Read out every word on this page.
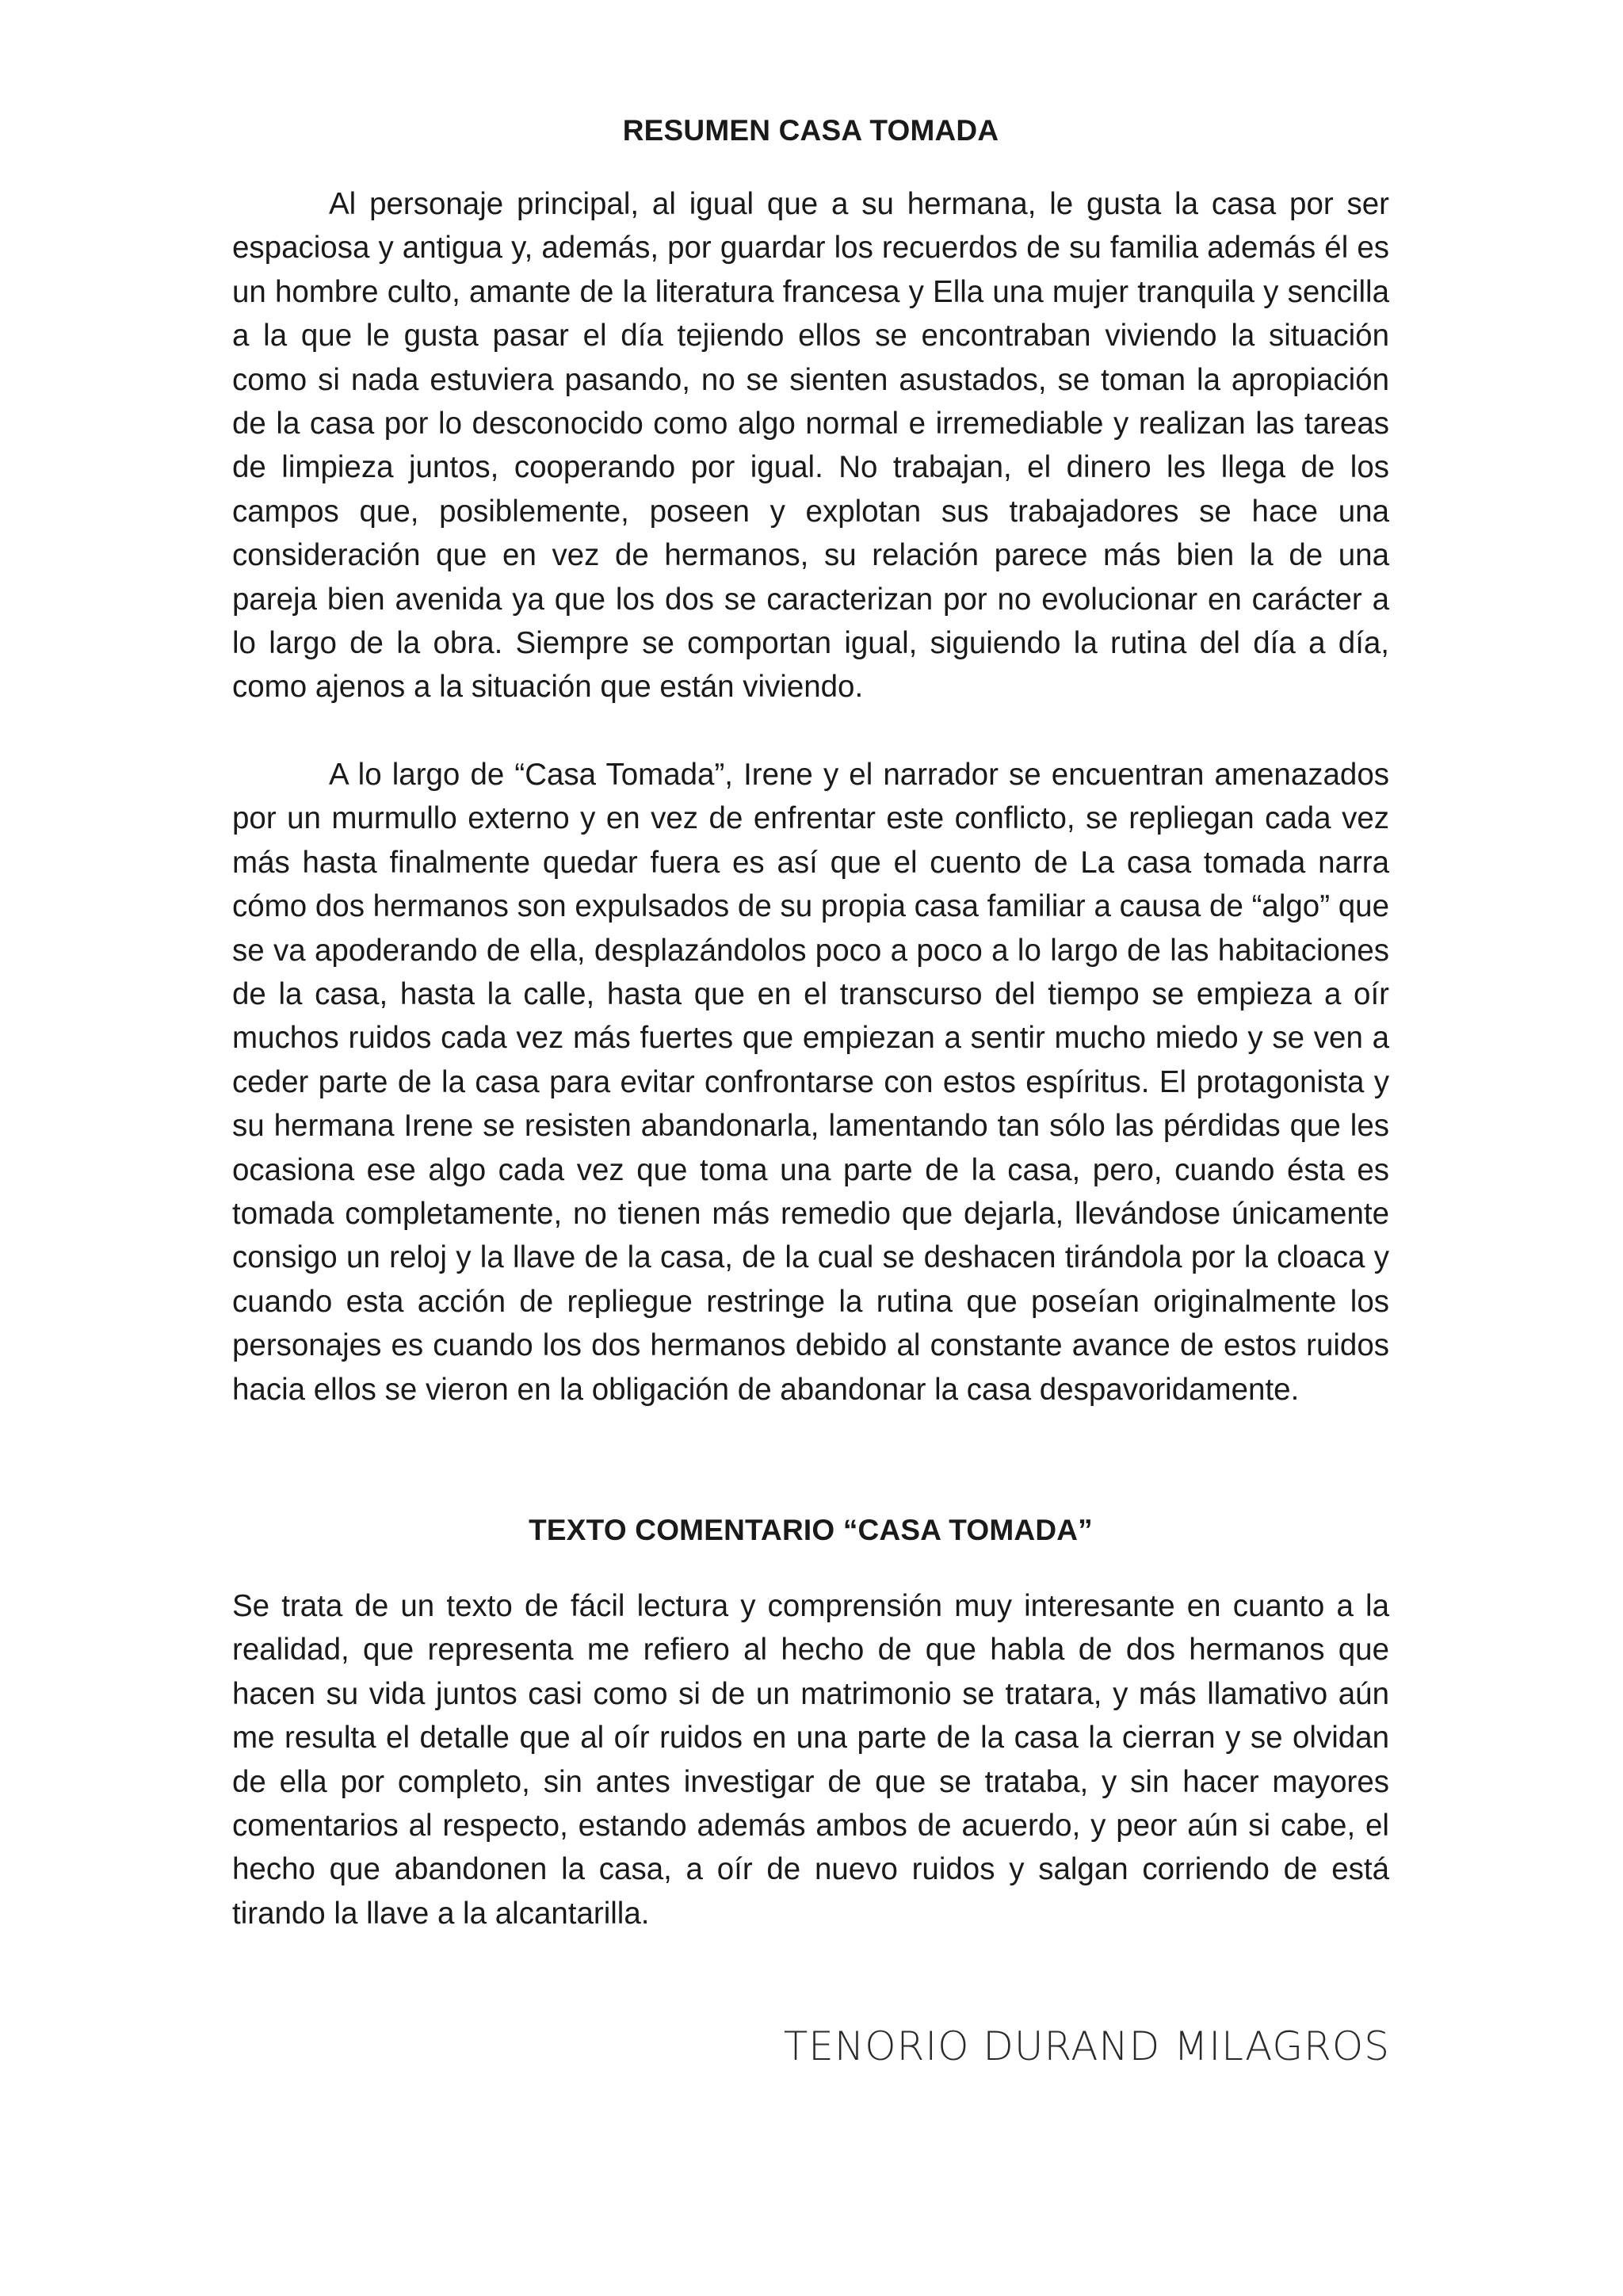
RESUMEN CASA TOMADA

Al personaje principal, al igual que a su hermana, le gusta la casa por ser espaciosa y antigua y, además, por guardar los recuerdos de su familia además él es un hombre culto, amante de la literatura francesa y Ella una mujer tranquila y sencilla a la que le gusta pasar el día tejiendo ellos se encontraban viviendo la situación como si nada estuviera pasando, no se sienten asustados, se toman la apropiación de la casa por lo desconocido como algo normal e irremediable y realizan las tareas de limpieza juntos, cooperando por igual. No trabajan, el dinero les llega de los campos que, posiblemente, poseen y explotan sus trabajadores se hace una consideración que en vez de hermanos, su relación parece más bien la de una pareja bien avenida ya que los dos se caracterizan por no evolucionar en carácter a lo largo de la obra. Siempre se comportan igual, siguiendo la rutina del día a día, como ajenos a la situación que están viviendo.

A lo largo de “Casa Tomada”, Irene y el narrador se encuentran amenazados por un murmullo externo y en vez de enfrentar este conflicto, se repliegan cada vez más hasta finalmente quedar fuera es así que el cuento de La casa tomada narra cómo dos hermanos son expulsados de su propia casa familiar a causa de “algo” que se va apoderando de ella, desplazándolos poco a poco a lo largo de las habitaciones de la casa, hasta la calle, hasta que en el transcurso del tiempo se empieza a oír muchos ruidos cada vez más fuertes que empiezan a sentir mucho miedo y se ven a ceder parte de la casa para evitar confrontarse con estos espíritus. El protagonista y su hermana Irene se resisten abandonarla, lamentando tan sólo las pérdidas que les ocasiona ese algo cada vez que toma una parte de la casa, pero, cuando ésta es tomada completamente, no tienen más remedio que dejarla, llevándose únicamente consigo un reloj y la llave de la casa, de la cual se deshacen tirándola por la cloaca y cuando esta acción de repliegue restringe la rutina que poseían originalmente los personajes es cuando los dos hermanos debido al constante avance de estos ruidos hacia ellos se vieron en la obligación de abandonar la casa despavoridamente.

TEXTO COMENTARIO “CASA TOMADA”

Se trata de un texto de fácil lectura y comprensión muy interesante en cuanto a la realidad, que representa me refiero al hecho de que habla de dos hermanos que hacen su vida juntos casi como si de un matrimonio se tratara, y más llamativo aún me resulta el detalle que al oír ruidos en una parte de la casa la cierran y se olvidan de ella por completo, sin antes investigar de que se trataba, y sin hacer mayores comentarios al respecto, estando además ambos de acuerdo, y peor aún si cabe, el hecho que abandonen la casa, a oír de nuevo ruidos y salgan corriendo de está tirando la llave a la alcantarilla.

TENORIO DURAND MILAGROS
